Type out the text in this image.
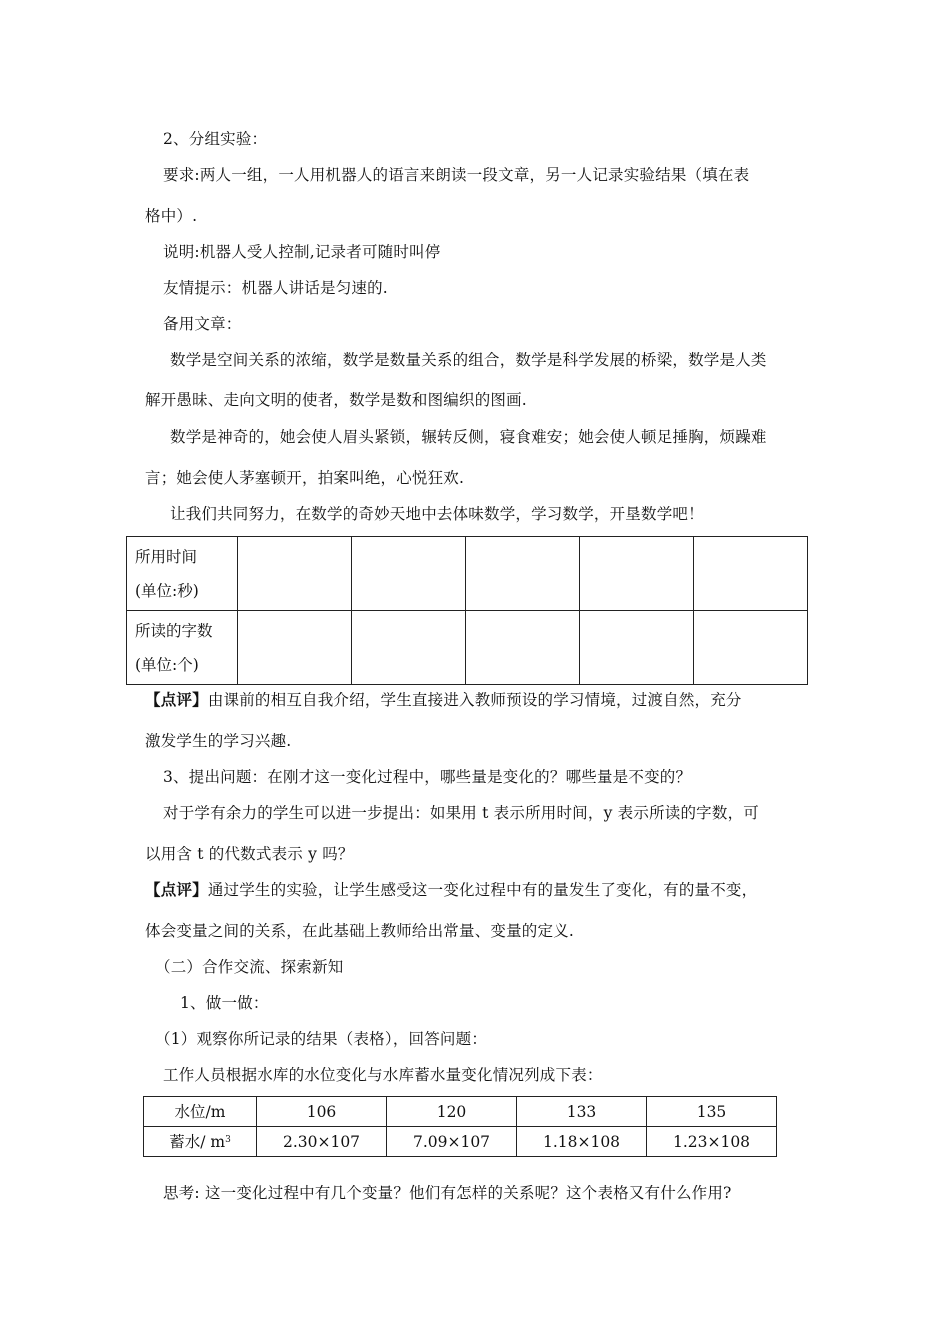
2、分组实验：
要求:两人一组，一人用机器人的语言来朗读一段文章，另一人记录实验结果（填在表
格中）.
说明:机器人受人控制,记录者可随时叫停
友情提示：机器人讲话是匀速的.
备用文章：
数学是空间关系的浓缩，数学是数量关系的组合，数学是科学发展的桥梁，数学是人类
解开愚昧、走向文明的使者，数学是数和图编织的图画.
数学是神奇的，她会使人眉头紧锁，辗转反侧，寝食难安；她会使人顿足捶胸，烦躁难
言；她会使人茅塞顿开，拍案叫绝，心悦狂欢.
让我们共同努力，在数学的奇妙天地中去体味数学，学习数学，开垦数学吧！
所用时间
(单位:秒)					

所读的字数
(单位:个)					

【点评】由课前的相互自我介绍，学生直接进入教师预设的学习情境，过渡自然，充分
激发学生的学习兴趣.
3、提出问题：在刚才这一变化过程中，哪些量是变化的？哪些量是不变的？
对于学有余力的学生可以进一步提出：如果用 t 表示所用时间，y 表示所读的字数，可
以用含 t 的代数式表示 y 吗？
【点评】通过学生的实验，让学生感受这一变化过程中有的量发生了变化，有的量不变，
体会变量之间的关系，在此基础上教师给出常量、变量的定义.
（二）合作交流、探索新知
1、做一做：
（1）观察你所记录的结果（表格），回答问题：
工作人员根据水库的水位变化与水库蓄水量变化情况列成下表：
水位/m	106	120	133	135
蓄水/ $m^3$	2.30×107	7.09×107	1.18×108	1.23×108
思考: 这一变化过程中有几个变量？他们有怎样的关系呢？这个表格又有什么作用?
